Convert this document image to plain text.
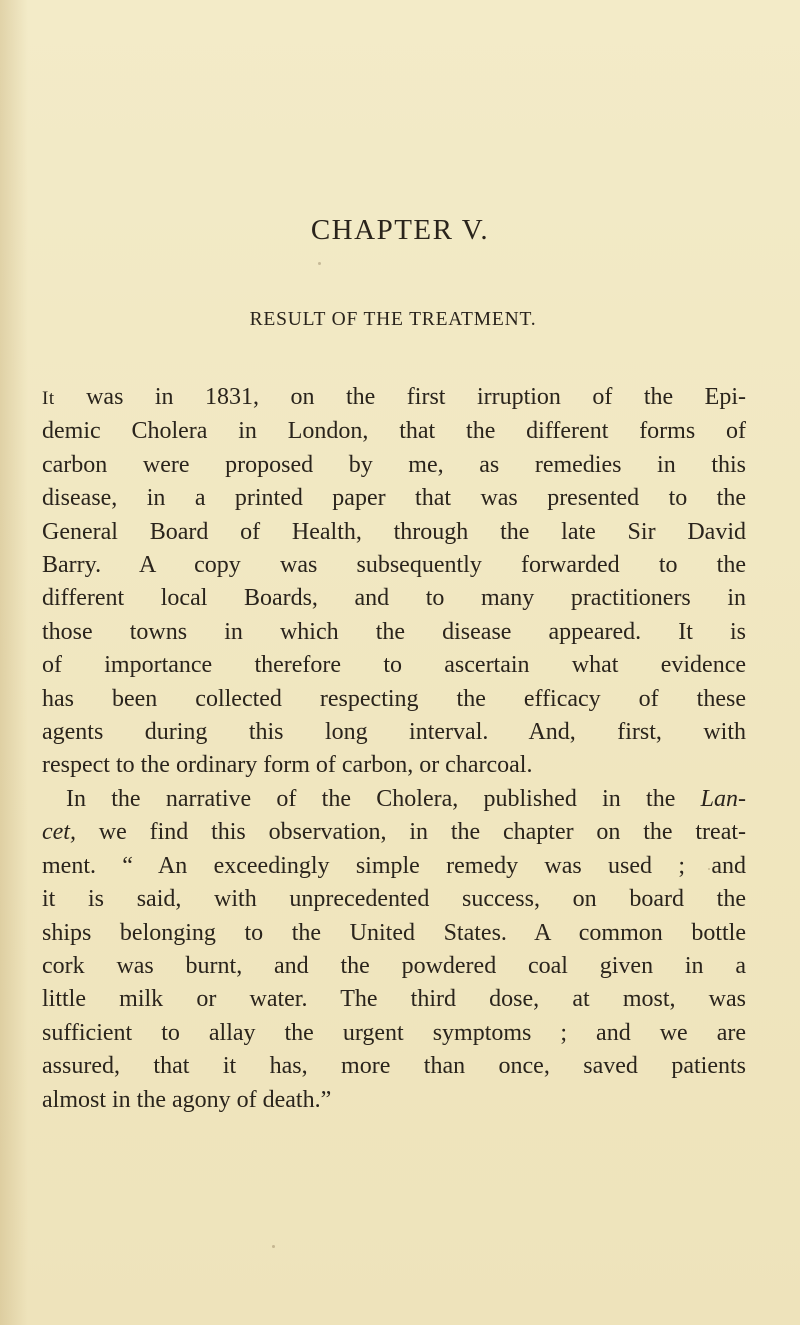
CHAPTER V.
RESULT OF THE TREATMENT.
It was in 1831, on the first irruption of the Epi-
demic Cholera in London, that the different forms of
carbon were proposed by me, as remedies in this
disease, in a printed paper that was presented to the
General Board of Health, through the late Sir David
Barry. A copy was subsequently forwarded to the
different local Boards, and to many practitioners in
those towns in which the disease appeared. It is
of importance therefore to ascertain what evidence
has been collected respecting the efficacy of these
agents during this long interval. And, first, with
respect to the ordinary form of carbon, or charcoal.
In the narrative of the Cholera, published in the Lan-
cet, we find this observation, in the chapter on the treat-
ment. “ An exceedingly simple remedy was used ; and
it is said, with unprecedented success, on board the
ships belonging to the United States. A common bottle
cork was burnt, and the powdered coal given in a
little milk or water. The third dose, at most, was
sufficient to allay the urgent symptoms ; and we are
assured, that it has, more than once, saved patients
almost in the agony of death.”
